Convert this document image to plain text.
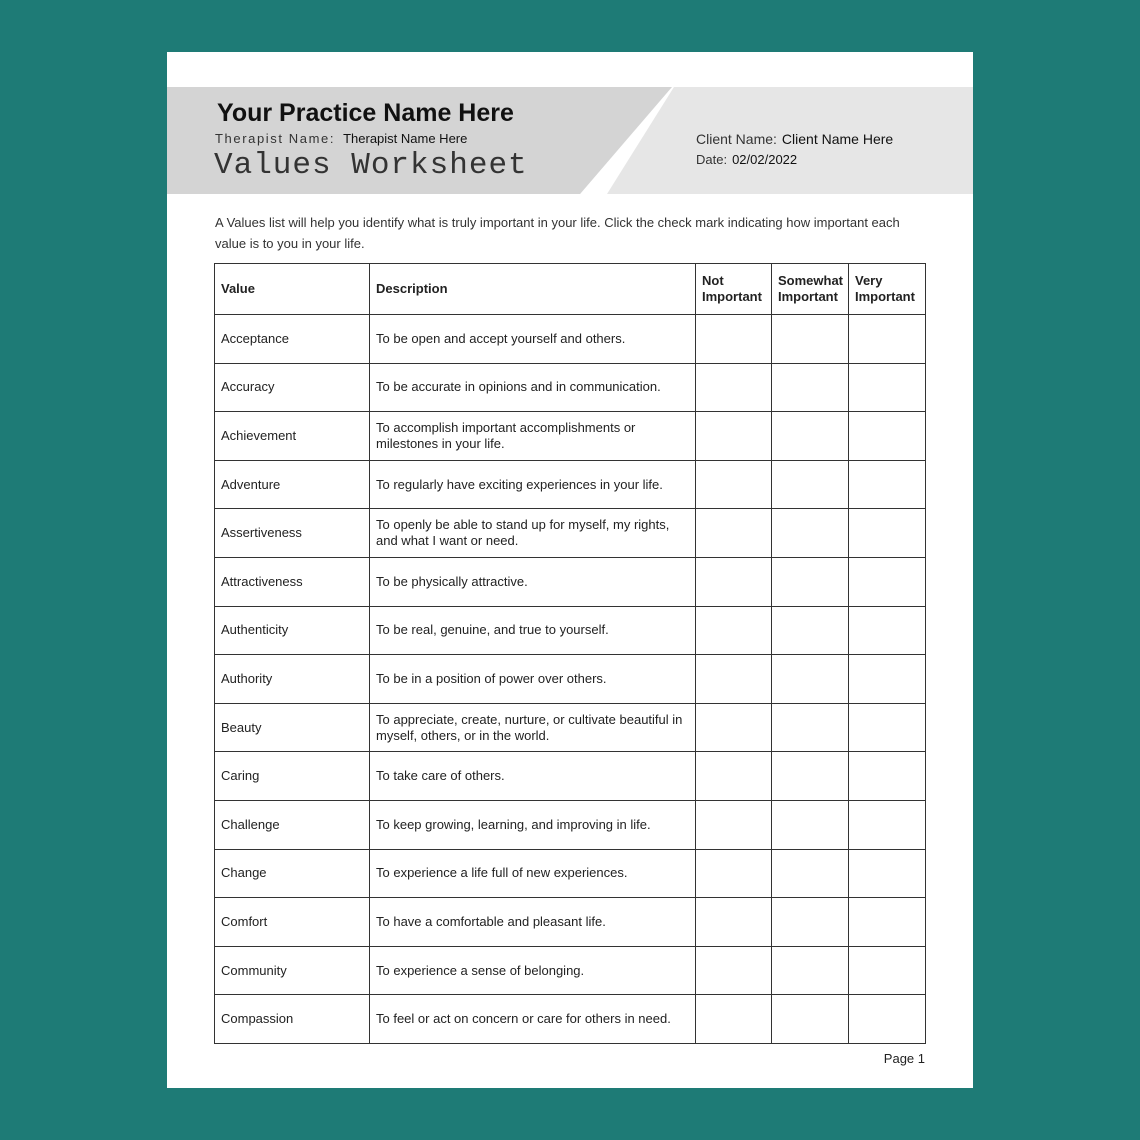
Your Practice Name Here
Therapist Name: Therapist Name Here
Values Worksheet
Client Name: Client Name Here
Date: 02/02/2022
A Values list will help you identify what is truly important in your life. Click the check mark indicating how important each value is to you in your life.
Value	Description	Not Important	Somewhat Important	Very Important
Acceptance	To be open and accept yourself and others.			
Accuracy	To be accurate in opinions and in communication.			
Achievement	To accomplish important accomplishments or milestones in your life.			
Adventure	To regularly have exciting experiences in your life.			
Assertiveness	To openly be able to stand up for myself, my rights, and what I want or need.			
Attractiveness	To be physically attractive.			
Authenticity	To be real, genuine, and true to yourself.			
Authority	To be in a position of power over others.			
Beauty	To appreciate, create, nurture, or cultivate beautiful in myself, others, or in the world.			
Caring	To take care of others.			
Challenge	To keep growing, learning, and improving in life.			
Change	To experience a life full of new experiences.			
Comfort	To have a comfortable and pleasant life.			
Community	To experience a sense of belonging.			
Compassion	To feel or act on concern or care for others in need.			
Page 1
